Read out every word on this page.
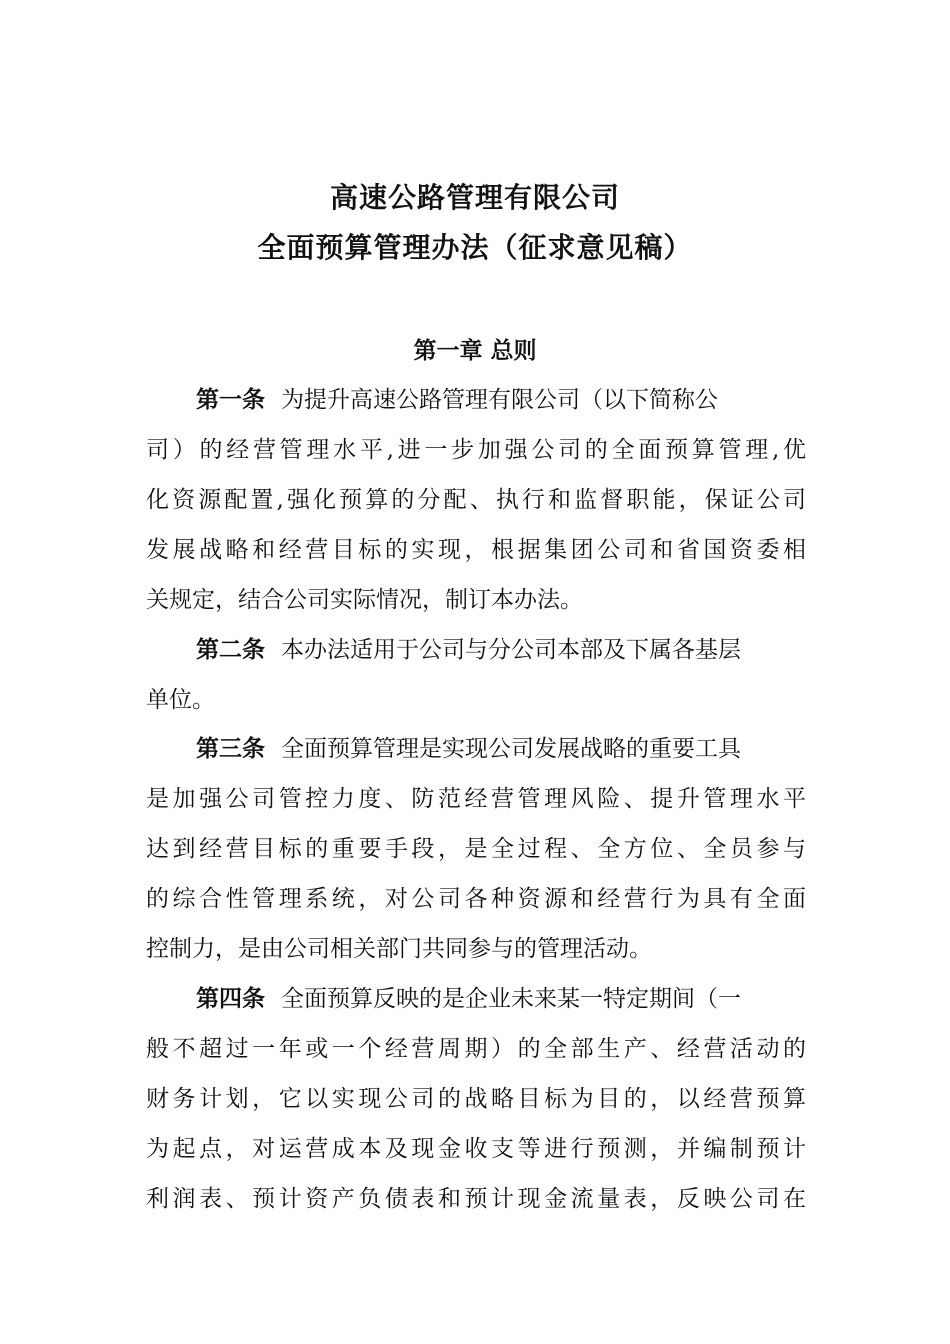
高速公路管理有限公司
全面预算管理办法（征求意见稿）
第一章 总则
第一条 为提升高速公路管理有限公司（以下简称公
司）的经营管理水平,进一步加强公司的全面预算管理,优
化资源配置,强化预算的分配、执行和监督职能，保证公司
发展战略和经营目标的实现，根据集团公司和省国资委相
关规定，结合公司实际情况，制订本办法。
第二条 本办法适用于公司与分公司本部及下属各基层
单位。
第三条 全面预算管理是实现公司发展战略的重要工具
是加强公司管控力度、防范经营管理风险、提升管理水平
达到经营目标的重要手段，是全过程、全方位、全员参与
的综合性管理系统，对公司各种资源和经营行为具有全面
控制力，是由公司相关部门共同参与的管理活动。
第四条 全面预算反映的是企业未来某一特定期间（一
般不超过一年或一个经营周期）的全部生产、经营活动的
财务计划，它以实现公司的战略目标为目的，以经营预算
为起点，对运营成本及现金收支等进行预测，并编制预计
利润表、预计资产负债表和预计现金流量表，反映公司在
